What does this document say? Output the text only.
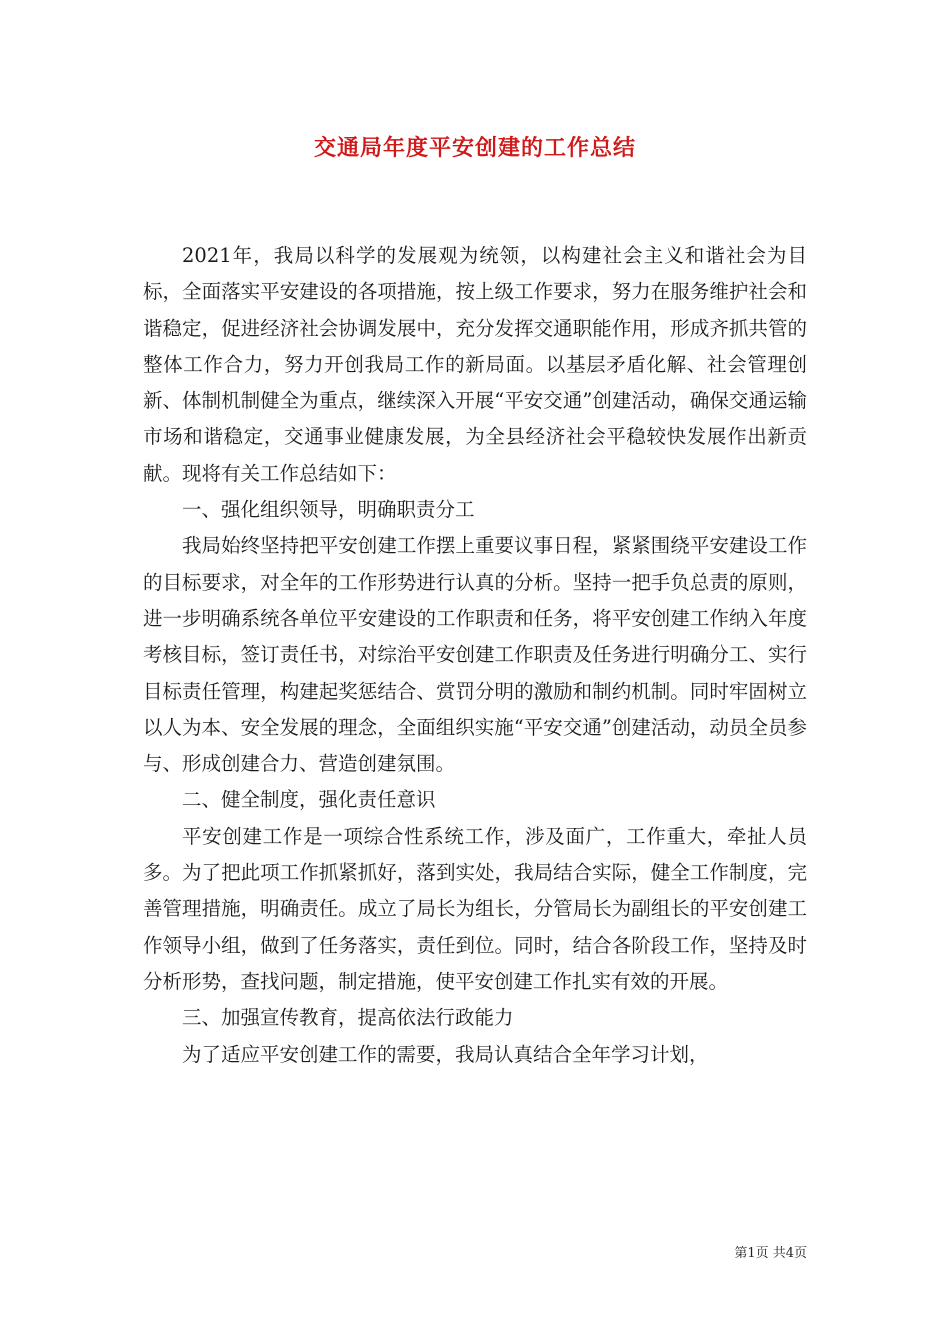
交通局年度平安创建的工作总结

2021年，我局以科学的发展观为统领，以构建社会主义和谐社会为目标，全面落实平安建设的各项措施，按上级工作要求，努力在服务维护社会和谐稳定，促进经济社会协调发展中，充分发挥交通职能作用，形成齐抓共管的整体工作合力，努力开创我局工作的新局面。以基层矛盾化解、社会管理创新、体制机制健全为重点，继续深入开展“平安交通”创建活动，确保交通运输市场和谐稳定，交通事业健康发展，为全县经济社会平稳较快发展作出新贡献。现将有关工作总结如下：

一、强化组织领导，明确职责分工

我局始终坚持把平安创建工作摆上重要议事日程，紧紧围绕平安建设工作的目标要求，对全年的工作形势进行认真的分析。坚持一把手负总责的原则，进一步明确系统各单位平安建设的工作职责和任务，将平安创建工作纳入年度考核目标，签订责任书，对综治平安创建工作职责及任务进行明确分工、实行目标责任管理，构建起奖惩结合、赏罚分明的激励和制约机制。同时牢固树立以人为本、安全发展的理念，全面组织实施“平安交通”创建活动，动员全员参与、形成创建合力、营造创建氛围。

二、健全制度，强化责任意识

平安创建工作是一项综合性系统工作，涉及面广，工作重大，牵扯人员多。为了把此项工作抓紧抓好，落到实处，我局结合实际，健全工作制度，完善管理措施，明确责任。成立了局长为组长，分管局长为副组长的平安创建工作领导小组，做到了任务落实，责任到位。同时，结合各阶段工作，坚持及时分析形势，查找问题，制定措施，使平安创建工作扎实有效的开展。

三、加强宣传教育，提高依法行政能力

为了适应平安创建工作的需要，我局认真结合全年学习计划，

第1页 共4页
